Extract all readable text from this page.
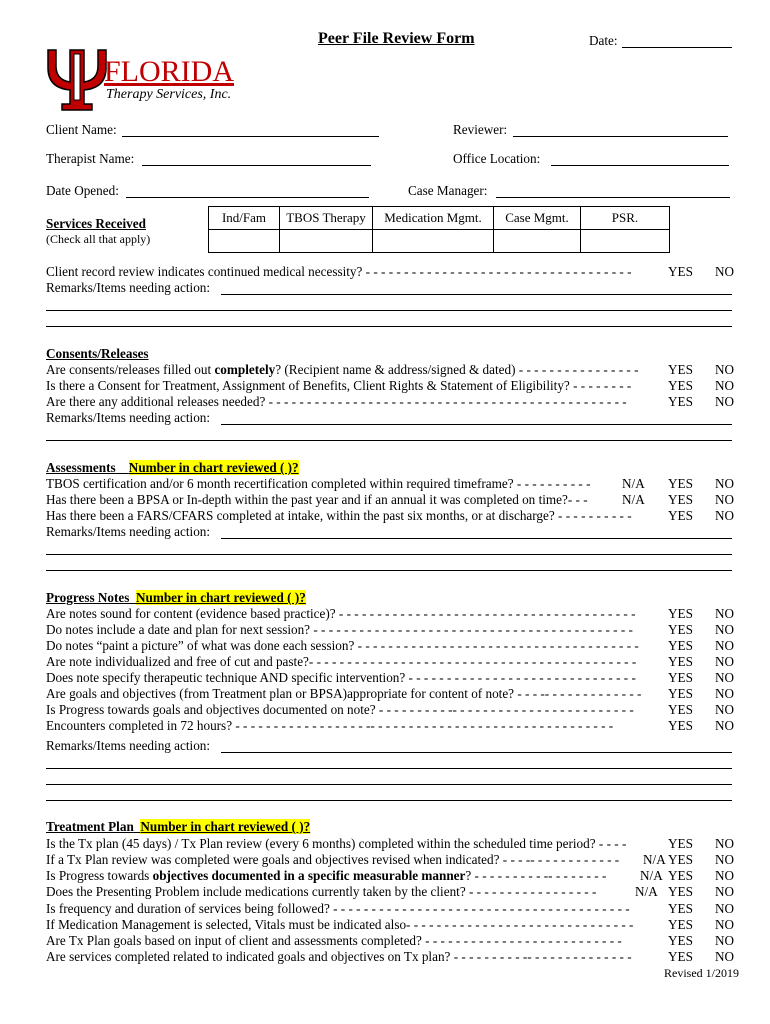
Peer File Review Form	Date:
FLORIDA
Therapy Services, Inc.
Client Name:	Reviewer:
Therapist Name:	Office Location:
Date Opened:	Case Manager:
Services Received
(Check all that apply)
Ind/Fam	TBOS Therapy	Medication Mgmt.	Case Mgmt.	PSR.

Client record review indicates continued medical necessity? - - - - - - - - - - - - - - - - - - - - - - - - - - - - - - - - - - -	YES NO
Remarks/Items needing action:
Consents/Releases
Are consents/releases filled out completely? (Recipient name & address/signed & dated) - - - - - - - - - - - - - - - - YES NO
Is there a Consent for Treatment, Assignment of Benefits, Client Rights & Statement of Eligibility? - - - - - - - -	YES NO
Are there any additional releases needed? - - - - - - - - - - - - - - - - - - - - - - - - - - - - - - - - - - - - - - - - - - - - - - -	YES NO
Remarks/Items needing action:
Assessments Number in chart reviewed ( )?
TBOS certification and/or 6 month recertification completed within required timeframe? - - - - - - - - - - N/A YES NO
Has there been a BPSA or In-depth within the past year and if an annual it was completed on time?- - -	N/A YES NO
Has there been a FARS/CFARS completed at intake, within the past six months, or at discharge? - - - - - - - - - -	YES NO
Remarks/Items needing action:
Progress Notes Number in chart reviewed ( )?
Are notes sound for content (evidence based practice)? - - - - - - - - - - - - - - - - - - - - - - - - - - - - - - - - - - - - - - - YES NO
Do notes include a date and plan for next session? - - - - - - - - - - - - - - - - - - - - - - - - - - - - - - - - - - - - - - - - - -	YES NO
Do notes “paint a picture” of what was done each session? - - - - - - - - - - - - - - - - - - - - - - - - - - - - - - - - - - - - - YES NO
Are note individualized and free of cut and paste?- - - - - - - - - - - - - - - - - - - - - - - - - - - - - - - - - - - - - - - - - - - YES NO
Does note specify therapeutic technique AND specific intervention? - - - - - - - - - - - - - - - - - - - - - - - - - - - - - - YES NO
Are goals and objectives (from Treatment plan or BPSA)appropriate for content of note? - - - -- - - - - - - - - - - - - YES NO
Is Progress towards goals and objectives documented on note? - - - - - - - - - -- - - - - - - - - - - - - - - - - - - - - - - -	YES NO
Encounters completed in 72 hours? - - - - - - - - - - - - - - - - - -- - - - - - - - - - - - - - - - - - - - - - - - - - - - - - - -	YES NO
Remarks/Items needing action:
Treatment Plan Number in chart reviewed ( )?
Is the Tx plan (45 days) / Tx Plan review (every 6 months) completed within the scheduled time period? - - - -	YES NO
If a Tx Plan review was completed were goals and objectives revised when indicated? - - - -- - - - - - - - - - - - N/A YES NO
Is Progress towards objectives documented in a specific measurable manner? - - - - - - - - - -- - - - - - - -	N/A YES NO
Does the Presenting Problem include medications currently taken by the client? - - - - - - - - - - - - - - - - -	N/A YES NO
Is frequency and duration of services being followed? - - - - - - - - - - - - - - - - - - - - - - - - - - - - - - - - - - - - - - -	YES NO
If Medication Management is selected, Vitals must be indicated also- - - - - - - - - - - - - - - - - - - - - - - - - - - - - -	YES NO
Are Tx Plan goals based on input of client and assessments completed? - - - - - - - - - - - - - - - - - - - - - - - - - -	YES NO
Are services completed related to indicated goals and objectives on Tx plan? - - - - - - - - - -- - - - - - - - - - - - - -	YES NO
Revised 1/2019
